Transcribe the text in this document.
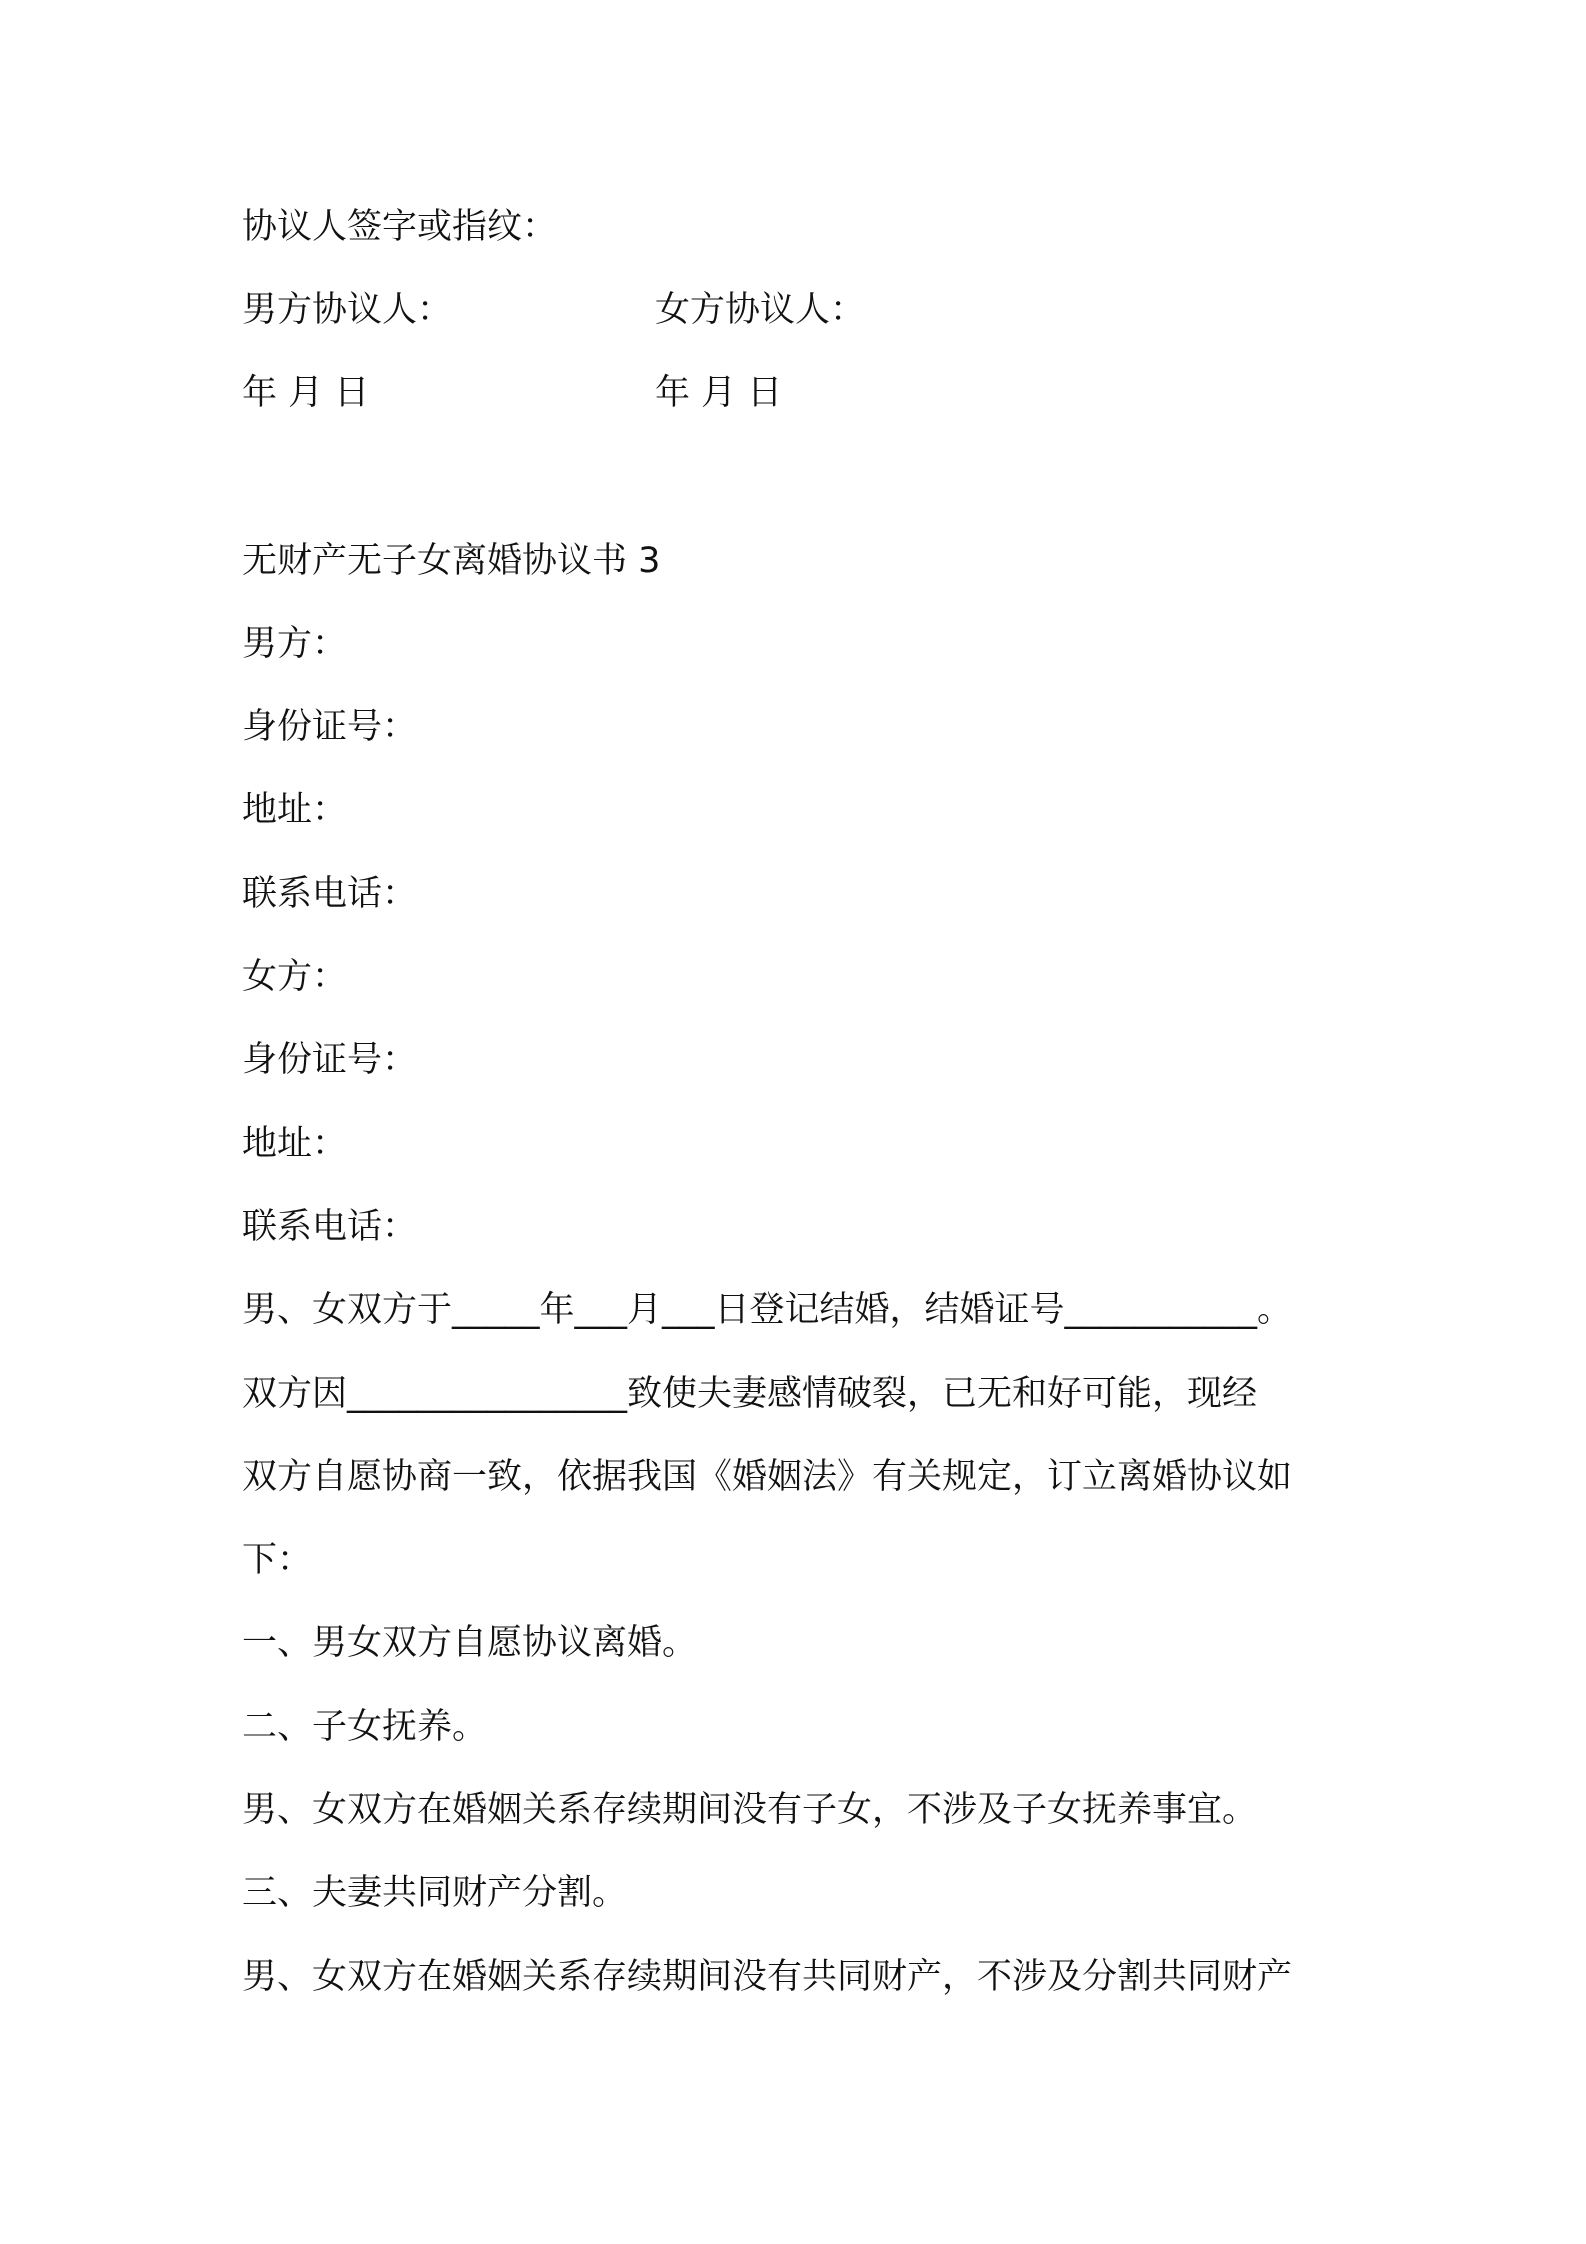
协议人签字或指纹：
男方协议人：	女方协议人：
年 月 日	年 月 日
无财产无子女离婚协议书 3
男方：
身份证号：
地址：
联系电话：
女方：
身份证号：
地址：
联系电话：
男、女双方于_____年___月___日登记结婚，结婚证号___________。
双方因________________致使夫妻感情破裂，已无和好可能，现经
双方自愿协商一致，依据我国《婚姻法》有关规定，订立离婚协议如
下：
一、男女双方自愿协议离婚。
二、子女抚养。
男、女双方在婚姻关系存续期间没有子女，不涉及子女抚养事宜。
三、夫妻共同财产分割。
男、女双方在婚姻关系存续期间没有共同财产，不涉及分割共同财产
